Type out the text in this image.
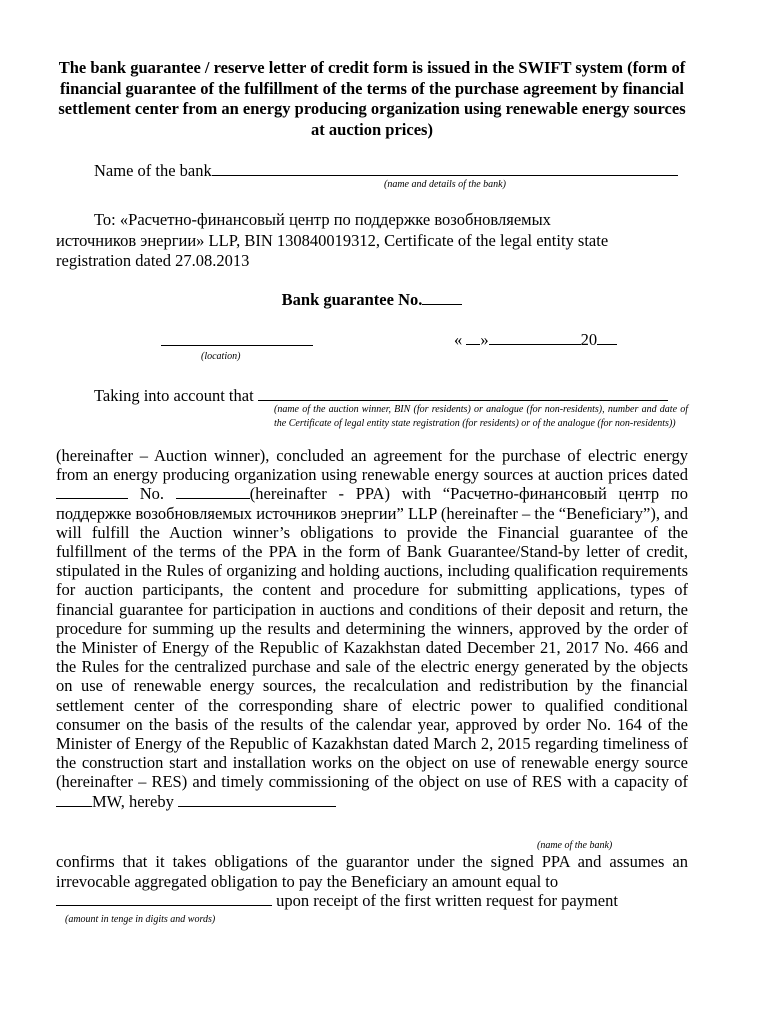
The bank guarantee / reserve letter of credit form is issued in the SWIFT system (form of financial guarantee of the fulfillment of the terms of the purchase agreement by financial settlement center from an energy producing organization using renewable energy sources at auction prices)

Name of the bank
(name and details of the bank)
To: «Расчетно-финансовый центр по поддержке возобновляемых
источников энергии» LLP, BIN 130840019312, Certificate of the legal entity state
registration dated 27.08.2013
Bank guarantee No.
(location)
« »	20
Taking into account that
(name of the auction winner, BIN (for residents) or analogue (for non-residents), number and date of the Certificate of legal entity state registration (for residents) or of the analogue (for non-residents))

(hereinafter – Auction winner), concluded an agreement for the purchase of electric energy from an energy producing organization using renewable energy sources at auction prices dated No.	(hereinafter - PPA) with “Расчетно-финансовый центр по поддержке возобновляемых источников энергии” LLP (hereinafter – the “Beneficiary”), and will fulfill the Auction winner’s obligations to provide the Financial guarantee of the fulfillment of the terms of the PPA in the form of Bank Guarantee/Stand-by letter of credit, stipulated in the Rules of organizing and holding auctions, including qualification requirements for auction participants, the content and procedure for submitting applications, types of financial guarantee for participation in auctions and conditions of their deposit and return, the procedure for summing up the results and determining the winners, approved by the order of the Minister of Energy of the Republic of Kazakhstan dated December 21, 2017 No. 466 and the Rules for the centralized purchase and sale of the electric energy generated by the objects on use of renewable energy sources, the recalculation and redistribution by the financial settlement center of the corresponding share of electric power to qualified conditional consumer on the basis of the results of the calendar year, approved by order No. 164 of the Minister of Energy of the Republic of Kazakhstan dated March 2, 2015 regarding timeliness of the construction start and installation works on the object on use of renewable energy source (hereinafter – RES) and timely commissioning of the object on use of RES with a capacity ofMW, hereby

(name of the bank)

confirms that it takes obligations of the guarantor under the signed PPA and assumes an irrevocable aggregated obligation to pay the Beneficiary an amount equal to

upon receipt of the first written request for payment
(amount in tenge in digits and words)
